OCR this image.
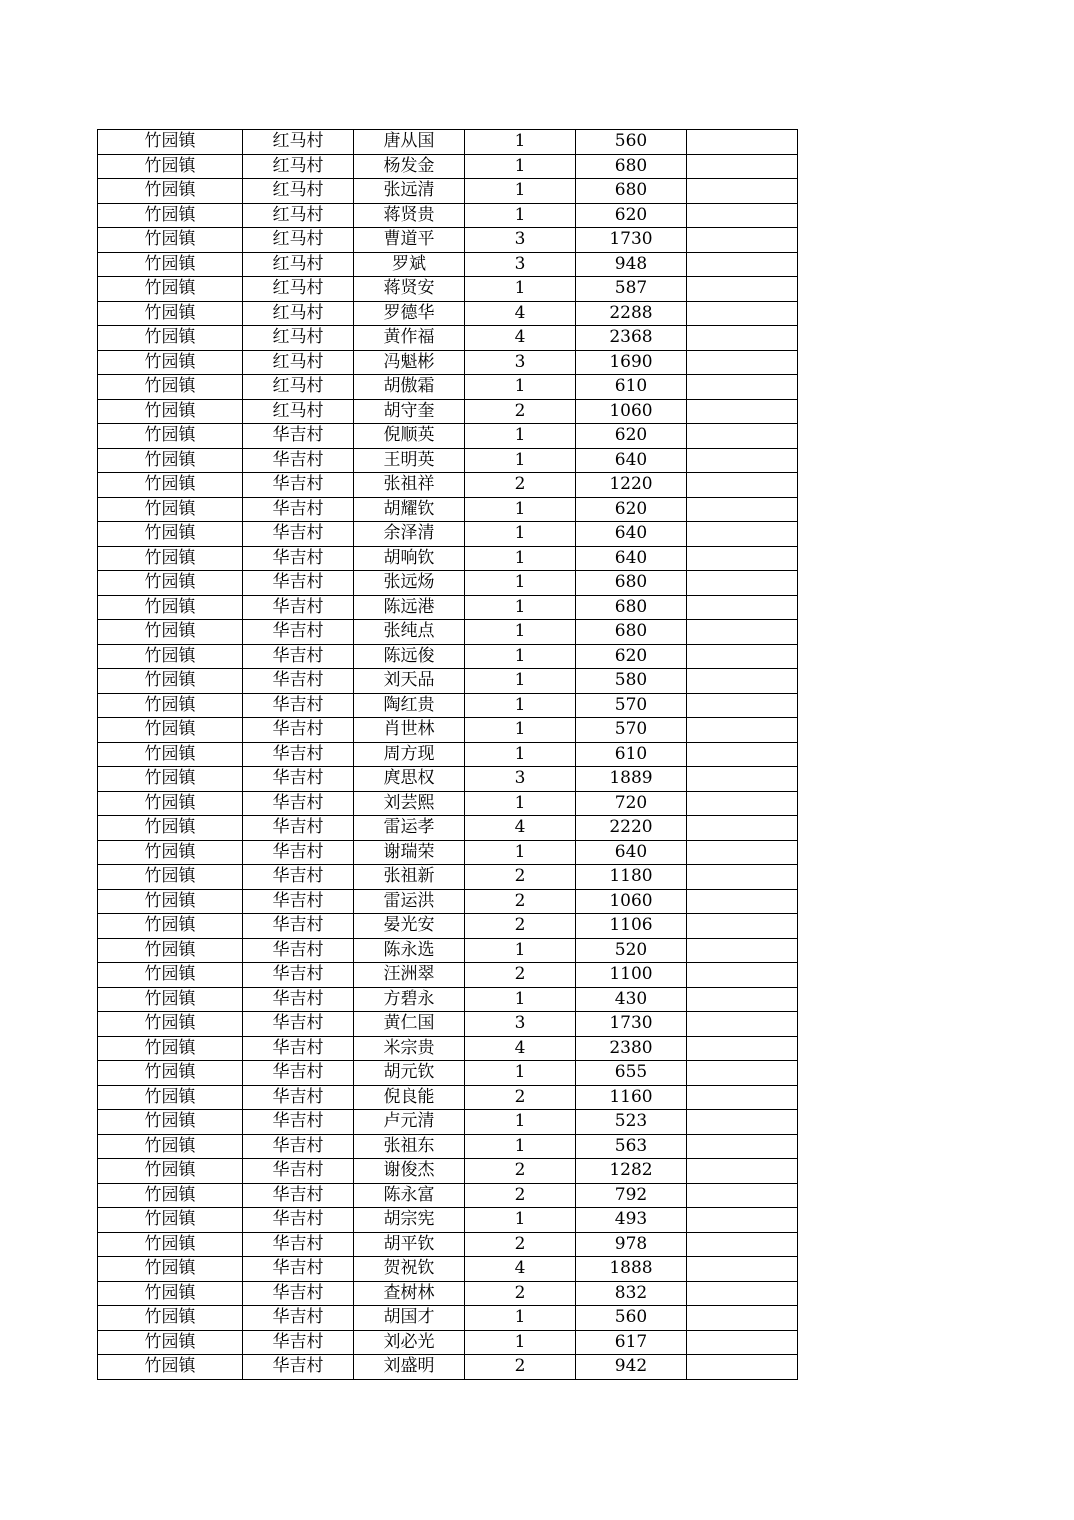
竹园镇	红马村	唐从国	1	560	
竹园镇	红马村	杨发金	1	680	
竹园镇	红马村	张远清	1	680	
竹园镇	红马村	蒋贤贵	1	620	
竹园镇	红马村	曹道平	3	1730	
竹园镇	红马村	罗斌	3	948	
竹园镇	红马村	蒋贤安	1	587	
竹园镇	红马村	罗德华	4	2288	
竹园镇	红马村	黄作福	4	2368	
竹园镇	红马村	冯魁彬	3	1690	
竹园镇	红马村	胡傲霜	1	610	
竹园镇	红马村	胡守奎	2	1060	
竹园镇	华吉村	倪顺英	1	620	
竹园镇	华吉村	王明英	1	640	
竹园镇	华吉村	张祖祥	2	1220	
竹园镇	华吉村	胡耀钦	1	620	
竹园镇	华吉村	余泽清	1	640	
竹园镇	华吉村	胡响钦	1	640	
竹园镇	华吉村	张远炀	1	680	
竹园镇	华吉村	陈远港	1	680	
竹园镇	华吉村	张纯点	1	680	
竹园镇	华吉村	陈远俊	1	620	
竹园镇	华吉村	刘天品	1	580	
竹园镇	华吉村	陶红贵	1	570	
竹园镇	华吉村	肖世林	1	570	
竹园镇	华吉村	周方现	1	610	
竹园镇	华吉村	庹思权	3	1889	
竹园镇	华吉村	刘芸熙	1	720	
竹园镇	华吉村	雷运孝	4	2220	
竹园镇	华吉村	谢瑞荣	1	640	
竹园镇	华吉村	张祖新	2	1180	
竹园镇	华吉村	雷运洪	2	1060	
竹园镇	华吉村	晏光安	2	1106	
竹园镇	华吉村	陈永选	1	520	
竹园镇	华吉村	汪洲翠	2	1100	
竹园镇	华吉村	方碧永	1	430	
竹园镇	华吉村	黄仁国	3	1730	
竹园镇	华吉村	米宗贵	4	2380	
竹园镇	华吉村	胡元钦	1	655	
竹园镇	华吉村	倪良能	2	1160	
竹园镇	华吉村	卢元清	1	523	
竹园镇	华吉村	张祖东	1	563	
竹园镇	华吉村	谢俊杰	2	1282	
竹园镇	华吉村	陈永富	2	792	
竹园镇	华吉村	胡宗宪	1	493	
竹园镇	华吉村	胡平钦	2	978	
竹园镇	华吉村	贺祝钦	4	1888	
竹园镇	华吉村	查树林	2	832	
竹园镇	华吉村	胡国才	1	560	
竹园镇	华吉村	刘必光	1	617	
竹园镇	华吉村	刘盛明	2	942	
